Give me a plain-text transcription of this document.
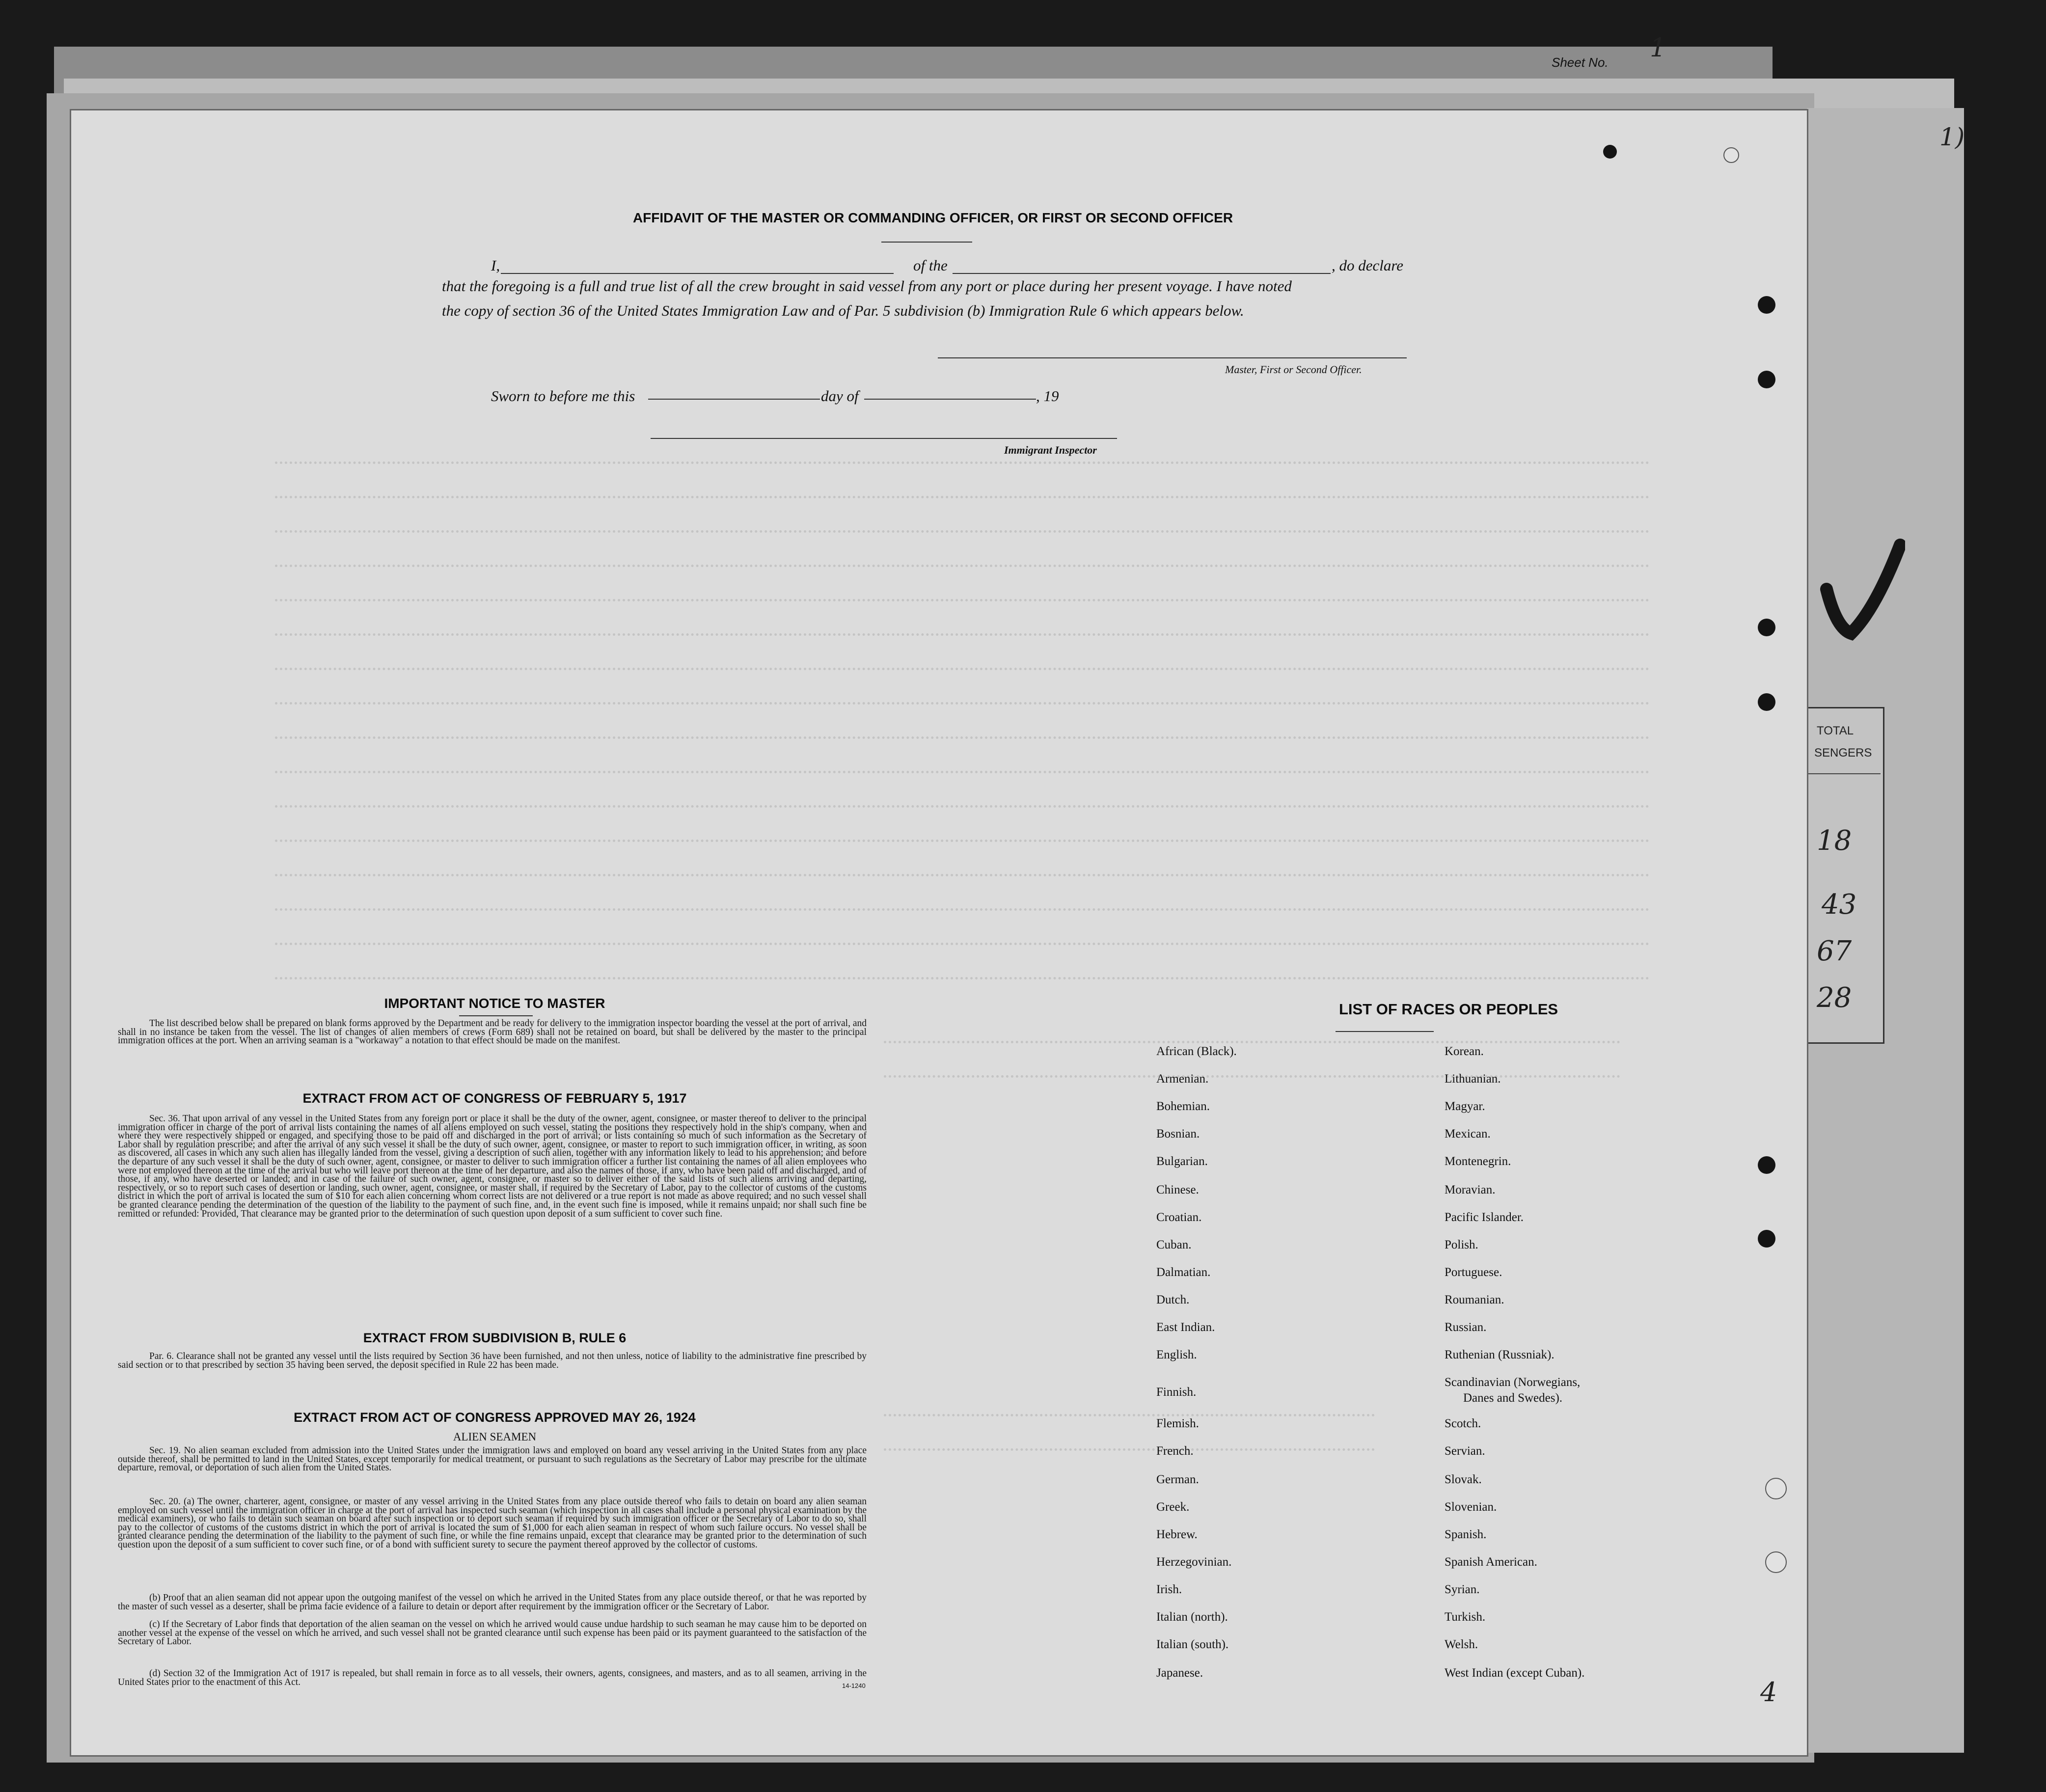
Sheet No. 1
1)
TOTAL
SENGERS
18
43
67
28
AFFIDAVIT OF THE MASTER OR COMMANDING OFFICER, OR FIRST OR SECOND OFFICER
I,	of the	, do declare
that the foregoing is a full and true list of all the crew brought in said vessel from any port or place during her present voyage. I have noted
the copy of section 36 of the United States Immigration Law and of Par. 5 subdivision (b) Immigration Rule 6 which appears below.
Master, First or Second Officer.
Sworn to before me this	day of	, 19
Immigrant Inspector
IMPORTANT NOTICE TO MASTER
The list described below shall be prepared on blank forms approved by the Department and be ready for delivery to the immigration inspector boarding the vessel at the port of arrival, and shall in no instance be taken from the vessel. The list of changes of alien members of crews (Form 689) shall not be retained on board, but shall be delivered by the master to the principal immigration offices at the port. When an arriving seaman is a "workaway" a notation to that effect should be made on the manifest.
EXTRACT FROM ACT OF CONGRESS OF FEBRUARY 5, 1917
Sec. 36. That upon arrival of any vessel in the United States from any foreign port or place it shall be the duty of the owner, agent, consignee, or master thereof to deliver to the principal immigration officer in charge of the port of arrival lists containing the names of all aliens employed on such vessel, stating the positions they respectively hold in the ship's company, when and where they were respectively shipped or engaged, and specifying those to be paid off and discharged in the port of arrival; or lists containing so much of such information as the Secretary of Labor shall by regulation prescribe; and after the arrival of any such vessel it shall be the duty of such owner, agent, consignee, or master to report to such immigration officer, in writing, as soon as discovered, all cases in which any such alien has illegally landed from the vessel, giving a description of such alien, together with any information likely to lead to his apprehension; and before the departure of any such vessel it shall be the duty of such owner, agent, consignee, or master to deliver to such immigration officer a further list containing the names of all alien employees who were not employed thereon at the time of the arrival but who will leave port thereon at the time of her departure, and also the names of those, if any, who have been paid off and discharged, and of those, if any, who have deserted or landed; and in case of the failure of such owner, agent, consignee, or master so to deliver either of the said lists of such aliens arriving and departing, respectively, or so to report such cases of desertion or landing, such owner, agent, consignee, or master shall, if required by the Secretary of Labor, pay to the collector of customs of the customs district in which the port of arrival is located the sum of $10 for each alien concerning whom correct lists are not delivered or a true report is not made as above required; and no such vessel shall be granted clearance pending the determination of the question of the liability to the payment of such fine, and, in the event such fine is imposed, while it remains unpaid; nor shall such fine be remitted or refunded: Provided, That clearance may be granted prior to the determination of such question upon deposit of a sum sufficient to cover such fine.
EXTRACT FROM SUBDIVISION B, RULE 6
Par. 6. Clearance shall not be granted any vessel until the lists required by Section 36 have been furnished, and not then unless, notice of liability to the administrative fine prescribed by said section or to that prescribed by section 35 having been served, the deposit specified in Rule 22 has been made.
EXTRACT FROM ACT OF CONGRESS APPROVED MAY 26, 1924
ALIEN SEAMEN
Sec. 19. No alien seaman excluded from admission into the United States under the immigration laws and employed on board any vessel arriving in the United States from any place outside thereof, shall be permitted to land in the United States, except temporarily for medical treatment, or pursuant to such regulations as the Secretary of Labor may prescribe for the ultimate departure, removal, or deportation of such alien from the United States.
Sec. 20. (a) The owner, charterer, agent, consignee, or master of any vessel arriving in the United States from any place outside thereof who fails to detain on board any alien seaman employed on such vessel until the immigration officer in charge at the port of arrival has inspected such seaman (which inspection in all cases shall include a personal physical examination by the medical examiners), or who fails to detain such seaman on board after such inspection or to deport such seaman if required by such immigration officer or the Secretary of Labor to do so, shall pay to the collector of customs of the customs district in which the port of arrival is located the sum of $1,000 for each alien seaman in respect of whom such failure occurs. No vessel shall be granted clearance pending the determination of the liability to the payment of such fine, or while the fine remains unpaid, except that clearance may be granted prior to the determination of such question upon the deposit of a sum sufficient to cover such fine, or of a bond with sufficient surety to secure the payment thereof approved by the collector of customs.
(b) Proof that an alien seaman did not appear upon the outgoing manifest of the vessel on which he arrived in the United States from any place outside thereof, or that he was reported by the master of such vessel as a deserter, shall be prima facie evidence of a failure to detain or deport after requirement by the immigration officer or the Secretary of Labor.
(c) If the Secretary of Labor finds that deportation of the alien seaman on the vessel on which he arrived would cause undue hardship to such seaman he may cause him to be deported on another vessel at the expense of the vessel on which he arrived, and such vessel shall not be granted clearance until such expense has been paid or its payment guaranteed to the satisfaction of the Secretary of Labor.
(d) Section 32 of the Immigration Act of 1917 is repealed, but shall remain in force as to all vessels, their owners, agents, consignees, and masters, and as to all seamen, arriving in the United States prior to the enactment of this Act.	14-1240
LIST OF RACES OR PEOPLES
African (Black).
Armenian.
Bohemian.
Bosnian.
Bulgarian.
Chinese.
Croatian.
Cuban.
Dalmatian.
Dutch.
East Indian.
English.
Finnish.
Flemish.
French.
German.
Greek.
Hebrew.
Herzegovinian.
Irish.
Italian (north).
Italian (south).
Japanese.
Korean.
Lithuanian.
Magyar.
Mexican.
Montenegrin.
Moravian.
Pacific Islander.
Polish.
Portuguese.
Roumanian.
Russian.
Ruthenian (Russniak).
Scandinavian (Norwegians,
Danes and Swedes).
Scotch.
Servian.
Slovak.
Slovenian.
Spanish.
Spanish American.
Syrian.
Turkish.
Welsh.
West Indian (except Cuban).
4
